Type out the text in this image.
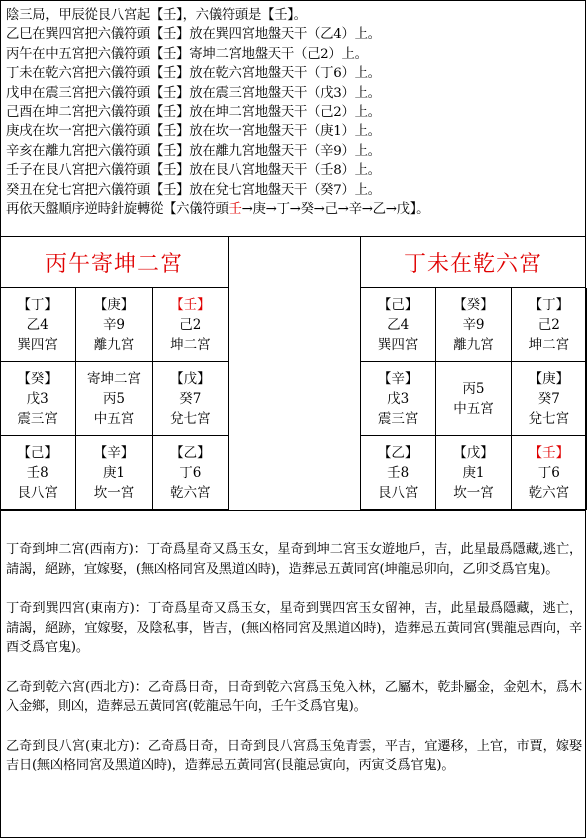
陰三局，甲辰從艮八宮起【壬】，六儀符頭是【壬】。
乙巳在巽四宮把六儀符頭【壬】放在巽四宮地盤天干（乙4）上。
丙午在中五宮把六儀符頭【壬】寄坤二宮地盤天干（己2）上。
丁未在乾六宮把六儀符頭【壬】放在乾六宮地盤天干（丁6）上。
戊申在震三宮把六儀符頭【壬】放在震三宮地盤天干（戊3）上。
己酉在坤二宮把六儀符頭【壬】放在坤二宮地盤天干（己2）上。
庚戌在坎一宮把六儀符頭【壬】放在坎一宮地盤天干（庚1）上。
辛亥在離九宮把六儀符頭【壬】放在離九宮地盤天干（辛9）上。
壬子在艮八宮把六儀符頭【壬】放在艮八宮地盤天干（壬8）上。
癸丑在兌七宮把六儀符頭【壬】放在兌七宮地盤天干（癸7）上。
再依天盤順序逆時針旋轉從【六儀符頭壬→庚→丁→癸→己→辛→乙→戊】。
丙午寄坤二宮	丁未在乾六宮
【丁】
乙4
巽四宮
【庚】
辛9
離九宮
【壬】
己2
坤二宮
【癸】
戊3
震三宮
寄坤二宮
丙5
中五宮
【戊】
癸7
兌七宮
【己】
壬8
艮八宮
【辛】
庚1
坎一宮
【乙】
丁6
乾六宮
【己】
乙4
巽四宮
【癸】
辛9
離九宮
【丁】
己2
坤二宮
【辛】
戊3
震三宮
丙5
中五宮
【庚】
癸7
兌七宮
【乙】
壬8
艮八宮
【戊】
庚1
坎一宮
【壬】
丁6
乾六宮

丁奇到坤二宮(西南方)：丁奇爲星奇又爲玉女，星奇到坤二宮玉女遊地戶，吉，此星最爲隱藏,逃亡，請謁，絕跡，宜嫁娶，(無凶格同宮及黑道凶時)，造葬忌五黃同宮(坤龍忌卯向，乙卯爻爲官鬼)。

丁奇到巽四宮(東南方)：丁奇爲星奇又爲玉女，星奇到巽四宮玉女留神，吉，此星最爲隱藏，逃亡，請謁，絕跡，宜嫁娶，及陰私事，皆吉，(無凶格同宮及黑道凶時)，造葬忌五黃同宮(巽龍忌酉向，辛酉爻爲官鬼)。

乙奇到乾六宮(西北方)：乙奇爲日奇，日奇到乾六宮爲玉兔入林，乙屬木，乾卦屬金，金剋木，爲木入金鄉，則凶，造葬忌五黃同宮(乾龍忌午向，壬午爻爲官鬼)。

乙奇到艮八宮(東北方)：乙奇爲日奇，日奇到艮八宮爲玉兔青雲，平吉，宜遷移，上官，市賈，嫁娶吉日(無凶格同宮及黑道凶時)，造葬忌五黃同宮(艮龍忌寅向，丙寅爻爲官鬼)。
